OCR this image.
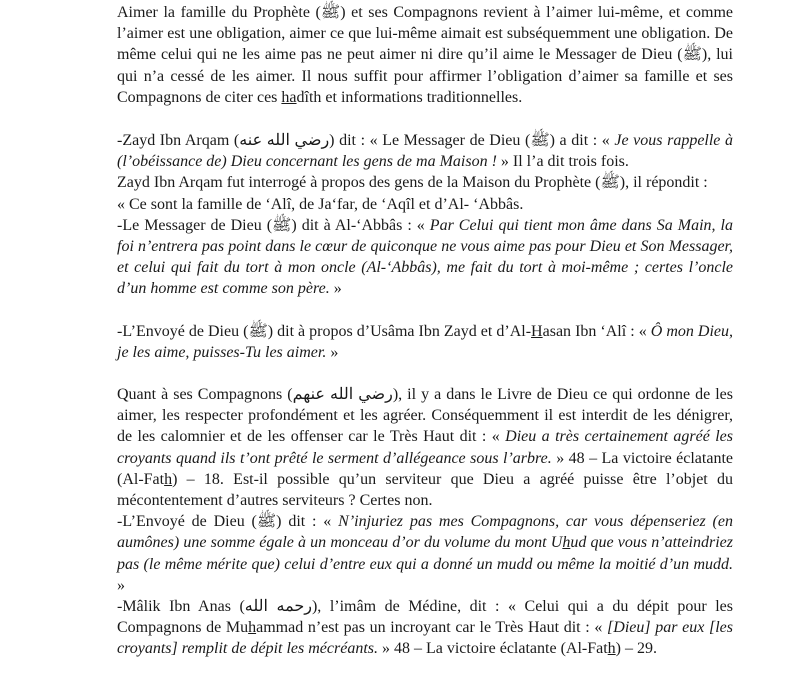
Aimer la famille du Prophète (ﷺ) et ses Compagnons revient à l’aimer lui-même, et comme l’aimer est une obligation, aimer ce que lui-même aimait est subséquemment une obligation. De même celui qui ne les aime pas ne peut aimer ni dire qu’il aime le Messager de Dieu (ﷺ), lui qui n’a cessé de les aimer. Il nous suffit pour affirmer l’obligation d’aimer sa famille et ses Compagnons de citer ces hadîth et informations traditionnelles.
-Zayd Ibn Arqam (رضي الله عنه) dit : « Le Messager de Dieu (ﷺ) a dit : « Je vous rappelle à (l’obéissance de) Dieu concernant les gens de ma Maison ! » Il l’a dit trois fois.
Zayd Ibn Arqam fut interrogé à propos des gens de la Maison du Prophète (ﷺ), il répondit :
« Ce sont la famille de ‘Alî, de Ja‘far, de ‘Aqîl et d’Al- ‘Abbâs.
-Le Messager de Dieu (ﷺ) dit à Al-‘Abbâs : « Par Celui qui tient mon âme dans Sa Main, la foi n’entrera pas point dans le cœur de quiconque ne vous aime pas pour Dieu et Son Messager, et celui qui fait du tort à mon oncle (Al-‘Abbâs), me fait du tort à moi-même ; certes l’oncle d’un homme est comme son père. »
-L’Envoyé de Dieu (ﷺ) dit à propos d’Usâma Ibn Zayd et d’Al-Hasan Ibn ‘Alî : « Ô mon Dieu, je les aime, puisses-Tu les aimer. »
Quant à ses Compagnons (رضي الله عنهم), il y a dans le Livre de Dieu ce qui ordonne de les aimer, les respecter profondément et les agréer. Conséquemment il est interdit de les dénigrer, de les calomnier et de les offenser car le Très Haut dit : « Dieu a très certainement agréé les croyants quand ils t’ont prêté le serment d’allégeance sous l’arbre. » 48 – La victoire éclatante (Al-Fath) – 18. Est-il possible qu’un serviteur que Dieu a agréé puisse être l’objet du mécontentement d’autres serviteurs ? Certes non.
-L’Envoyé de Dieu (ﷺ) dit : « N’injuriez pas mes Compagnons, car vous dépenseriez (en aumônes) une somme égale à un monceau d’or du volume du mont Uhud que vous n’atteindriez pas (le même mérite que) celui d’entre eux qui a donné un mudd ou même la moitié d’un mudd. »
-Mâlik Ibn Anas (رحمه الله), l’imâm de Médine, dit : « Celui qui a du dépit pour les Compagnons de Muhammad n’est pas un incroyant car le Très Haut dit : « [Dieu] par eux [les croyants] remplit de dépit les mécréants. » 48 – La victoire éclatante (Al-Fath) – 29.
